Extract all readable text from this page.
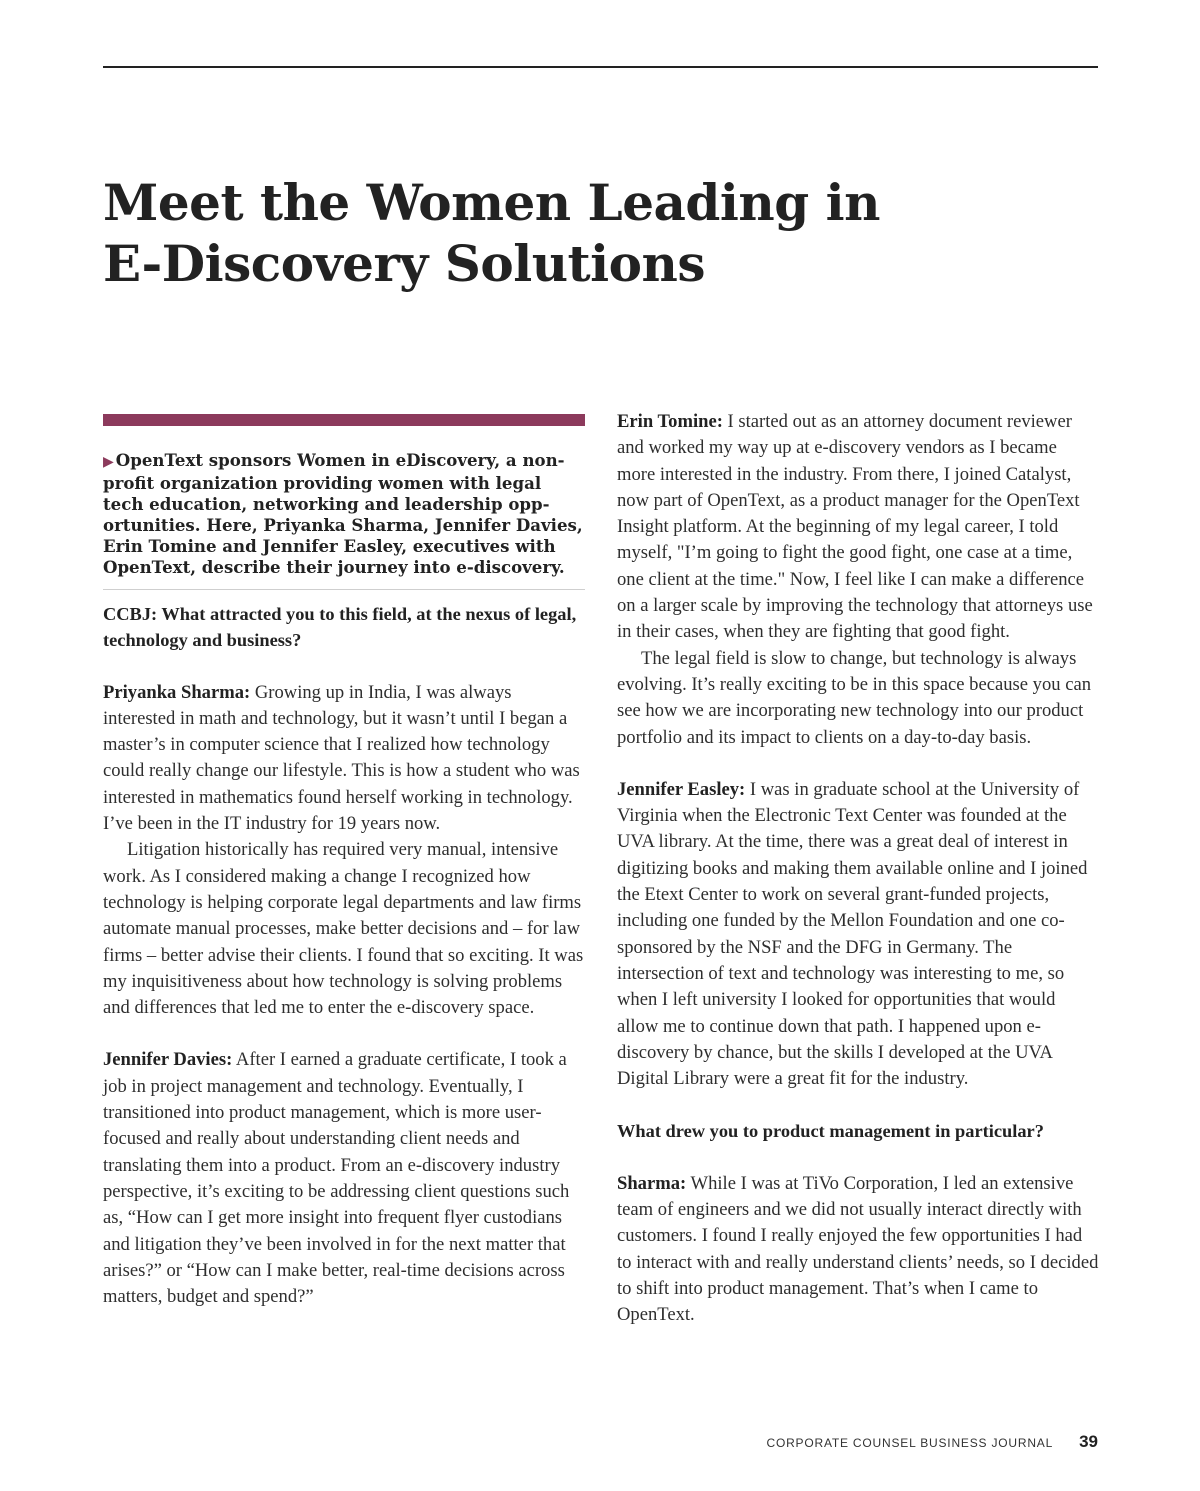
Meet the Women Leading in
E-Discovery Solutions

▶ OpenText sponsors Women in eDiscovery, a non-profit organization providing women with legal tech education, networking and leadership opportunities. Here, Priyanka Sharma, Jennifer Davies, Erin Tomine and Jennifer Easley, executives with OpenText, describe their journey into e-discovery.

CCBJ: What attracted you to this field, at the nexus of legal, technology and business?

Priyanka Sharma: Growing up in India, I was always interested in math and technology, but it wasn’t until I began a master’s in computer science that I realized how technology could really change our lifestyle. This is how a student who was interested in mathematics found herself working in technology. I’ve been in the IT industry for 19 years now.

Litigation historically has required very manual, intensive work. As I considered making a change I recognized how technology is helping corporate legal departments and law firms automate manual processes, make better decisions and – for law firms – better advise their clients. I found that so exciting. It was my inquisitiveness about how technology is solving problems and differences that led me to enter the e-discovery space.

Jennifer Davies: After I earned a graduate certificate, I took a job in project management and technology. Eventually, I transitioned into product management, which is more user-focused and really about understanding client needs and translating them into a product. From an e-discovery industry perspective, it’s exciting to be addressing client questions such as, “How can I get more insight into frequent flyer custodians and litigation they’ve been involved in for the next matter that arises?” or “How can I make better, real-time decisions across matters, budget and spend?”

Erin Tomine: I started out as an attorney document reviewer and worked my way up at e-discovery vendors as I became more interested in the industry. From there, I joined Catalyst, now part of OpenText, as a product manager for the OpenText Insight platform. At the beginning of my legal career, I told myself, "I’m going to fight the good fight, one case at a time, one client at the time." Now, I feel like I can make a difference on a larger scale by improving the technology that attorneys use in their cases, when they are fighting that good fight.

The legal field is slow to change, but technology is always evolving. It’s really exciting to be in this space because you can see how we are incorporating new technology into our product portfolio and its impact to clients on a day-to-day basis.

Jennifer Easley: I was in graduate school at the University of Virginia when the Electronic Text Center was founded at the UVA library. At the time, there was a great deal of interest in digitizing books and making them available online and I joined the Etext Center to work on several grant-funded projects, including one funded by the Mellon Foundation and one co-sponsored by the NSF and the DFG in Germany. The intersection of text and technology was interesting to me, so when I left university I looked for opportunities that would allow me to continue down that path. I happened upon e-discovery by chance, but the skills I developed at the UVA Digital Library were a great fit for the industry.

What drew you to product management in particular?

Sharma: While I was at TiVo Corporation, I led an extensive team of engineers and we did not usually interact directly with customers. I found I really enjoyed the few opportunities I had to interact with and really understand clients’ needs, so I decided to shift into product management. That’s when I came to OpenText.

CORPORATE COUNSEL BUSINESS JOURNAL 39
